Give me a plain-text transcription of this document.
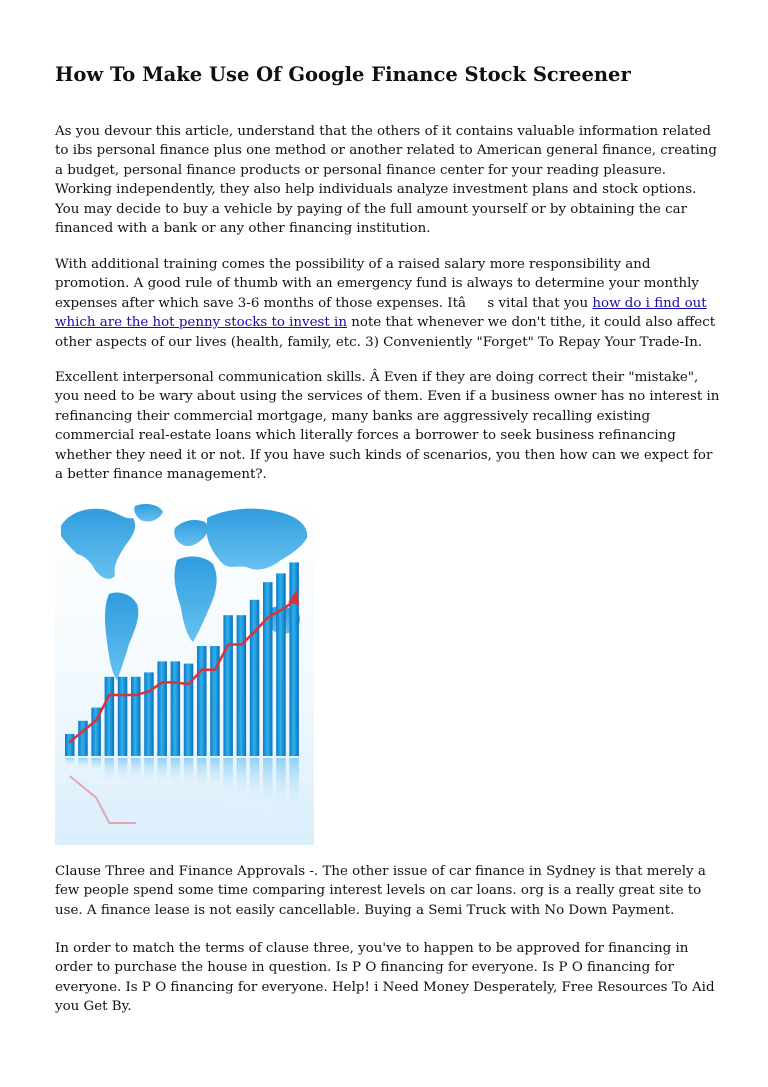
How To Make Use Of Google Finance Stock Screener

As you devour this article, understand that the others of it contains valuable information related to ibs personal finance plus one method or another related to American general finance, creating a budget, personal finance products or personal finance center for your reading pleasure. Working independently, they also help individuals analyze investment plans and stock options. You may decide to buy a vehicle by paying of the full amount yourself or by obtaining the car financed with a bank or any other financing institution.

With additional training comes the possibility of a raised salary more responsibility and promotion. A good rule of thumb with an emergency fund is always to determine your monthly expenses after which save 3-6 months of those expenses. Itâs vital that you how do i find out which are the hot penny stocks to invest in note that whenever we don't tithe, it could also affect other aspects of our lives (health, family, etc. 3) Conveniently "Forget" To Repay Your Trade-In.

Excellent interpersonal communication skills. Â Even if they are doing correct their "mistake", you need to be wary about using the services of them. Even if a business owner has no interest in refinancing their commercial mortgage, many banks are aggressively recalling existing commercial real-estate loans which literally forces a borrower to seek business refinancing whether they need it or not. If you have such kinds of scenarios, you then how can we expect for a better finance management?.

Clause Three and Finance Approvals -. The other issue of car finance in Sydney is that merely a few people spend some time comparing interest levels on car loans. org is a really great site to use. A finance lease is not easily cancellable. Buying a Semi Truck with No Down Payment.

In order to match the terms of clause three, you've to happen to be approved for financing in order to purchase the house in question. Is P O financing for everyone. Is P O financing for everyone. Is P O financing for everyone. Help! i Need Money Desperately, Free Resources To Aid you Get By.
